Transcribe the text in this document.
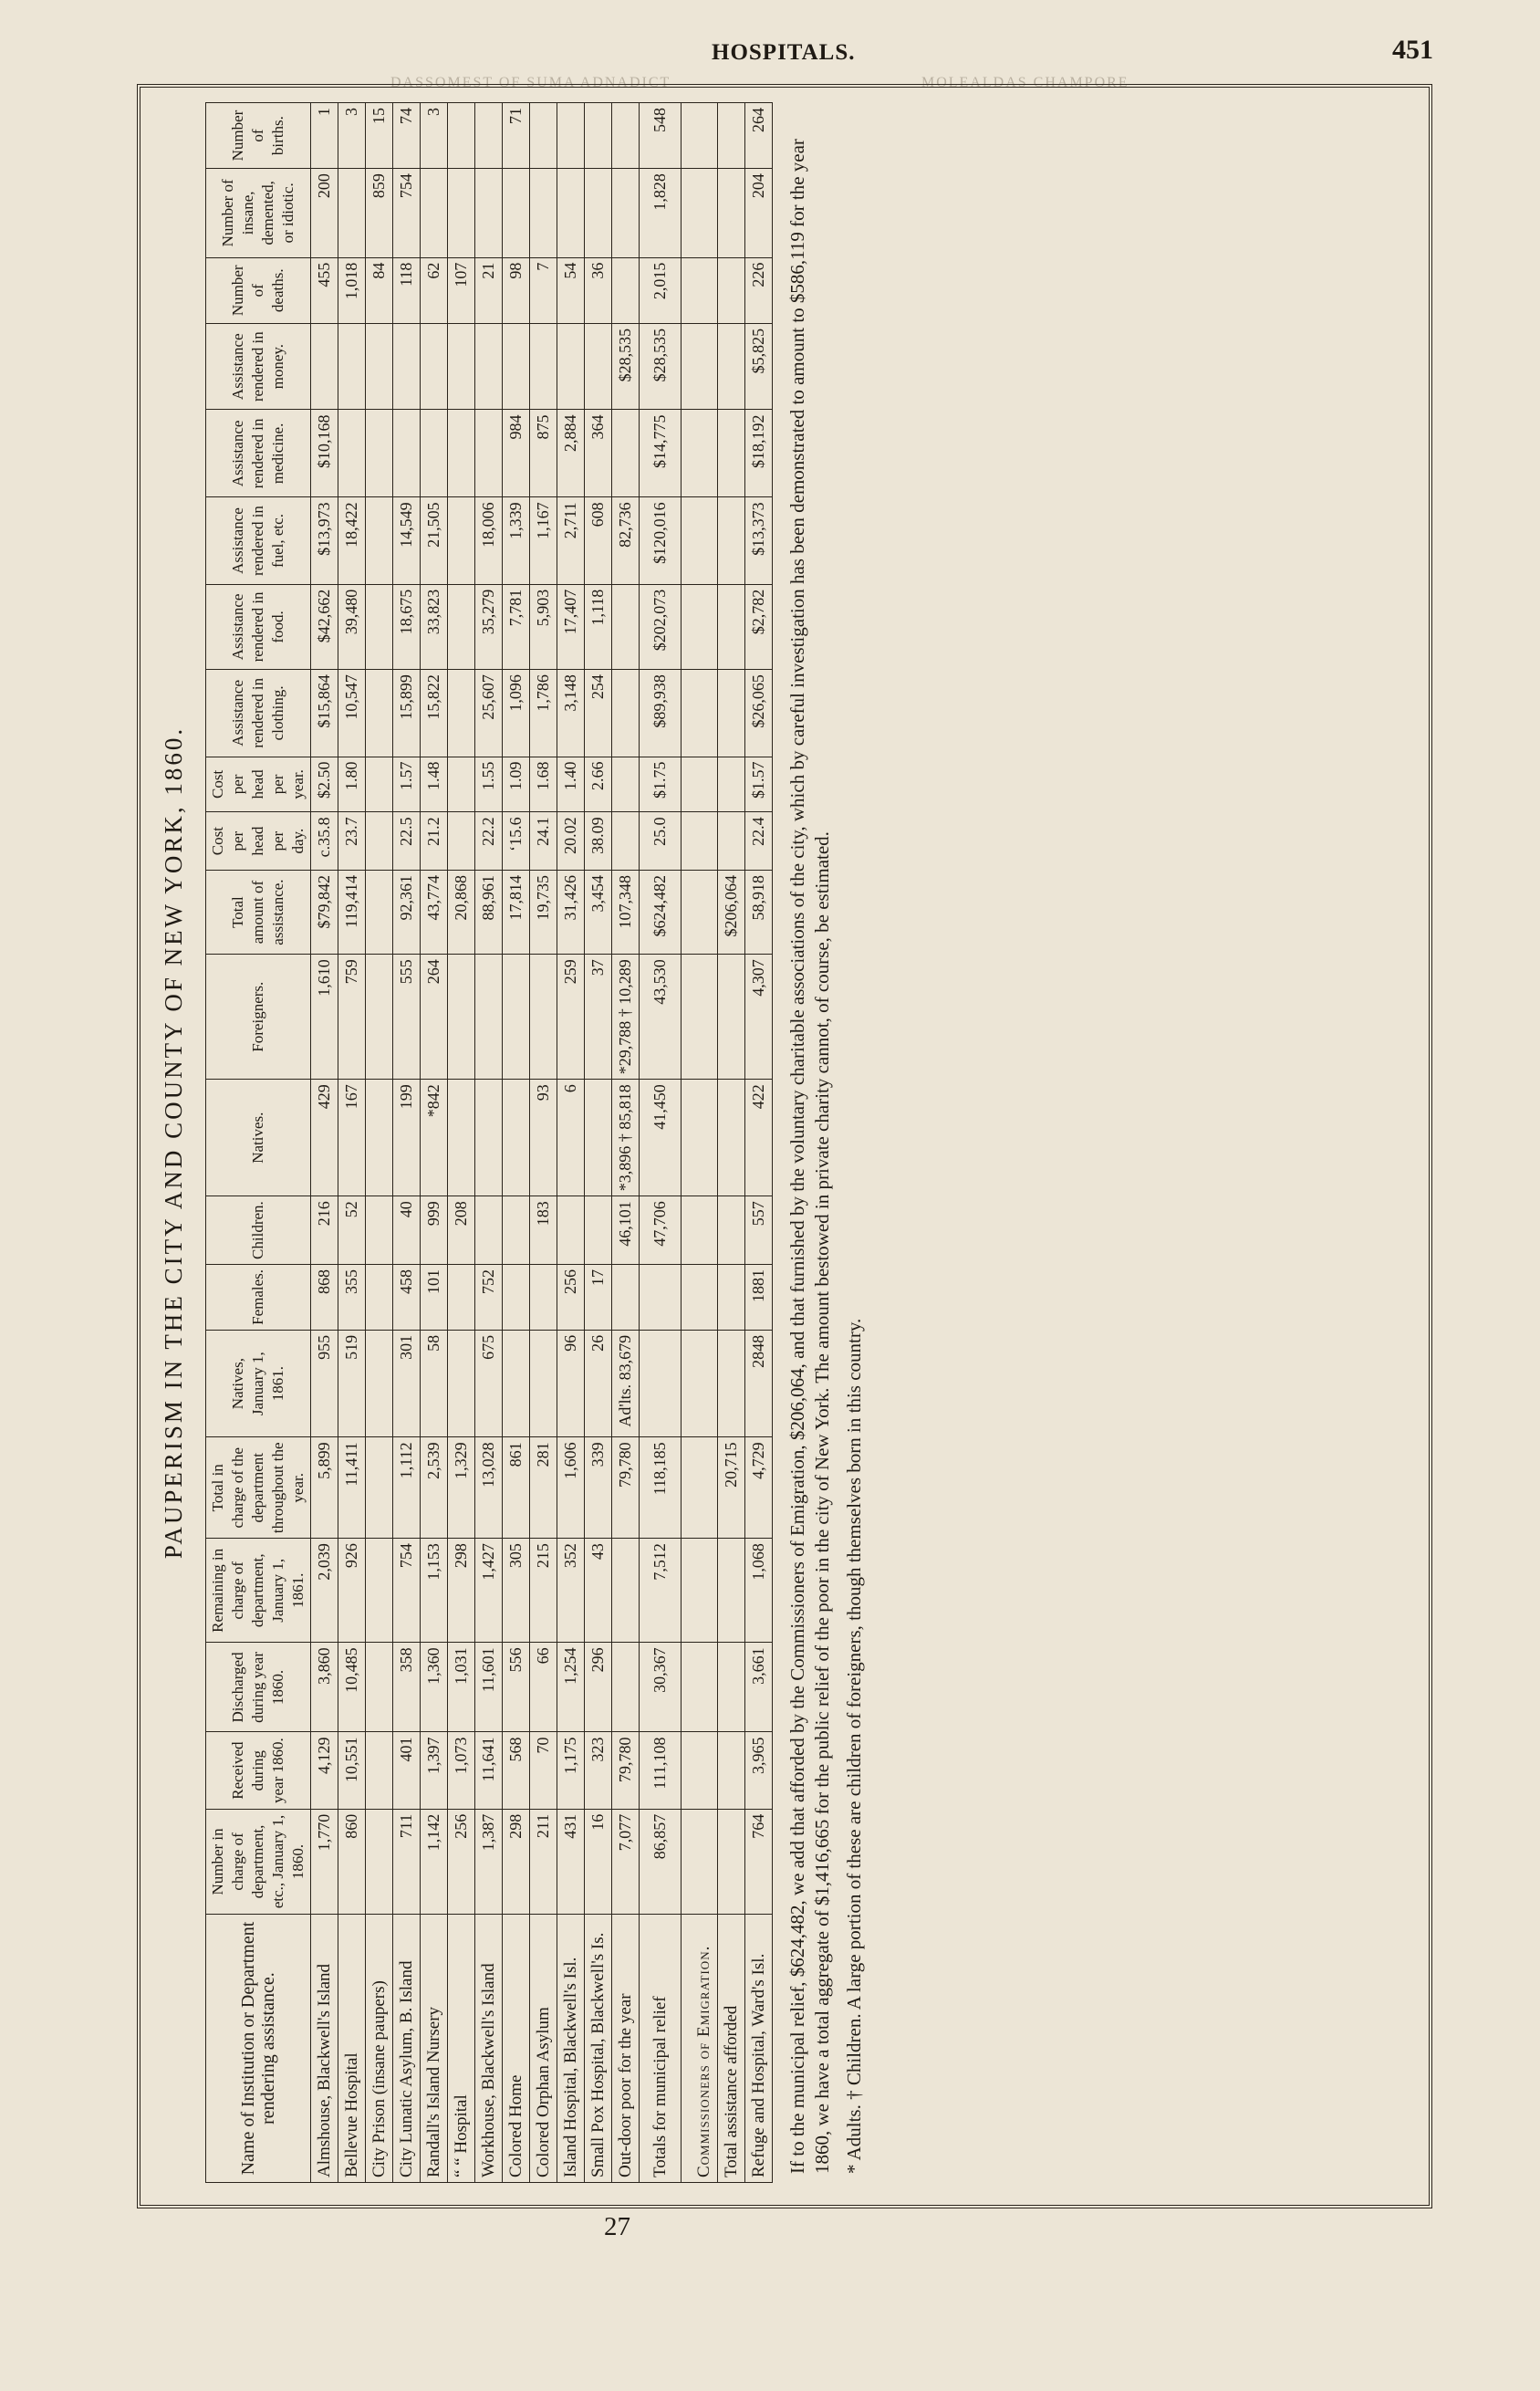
DASSOMEST OF SUMA ADNADICT
HOSPITALS.
MOLEALDAS CHAMPORE
451
PAUPERISM IN THE CITY AND COUNTY OF NEW YORK, 1860.
Name of Institution or Department rendering assistance.	Number in charge of department, etc., January 1, 1860.	Received during year 1860.	Discharged during year 1860.	Remaining in charge of department, January 1, 1861.	Total in charge of the department throughout the year.	Natives, January 1, 1861.	Females.	Children.	Natives.	Foreigners.	Total amount of assistance.	Cost per head per day.	Cost per head per year.	Assistance rendered in clothing.	Assistance rendered in food.	Assistance rendered in fuel, etc.	Assistance rendered in medicine.	Assistance rendered in money.	Number of deaths.	Number of insane, demented, or idiotic.	Number of births.
Almshouse, Blackwell's Island	1,770	4,129	3,860	2,039	5,899	955	868	216	429	1,610	$79,842	c.35.8	$2.50	$15,864	$42,662	$13,973	$10,168		455	200	1
Bellevue Hospital	860	10,551	10,485	926	11,411	519	355	52	167	759	119,414	23.7	1.80	10,547	39,480	18,422			1,018		3
City Prison (insane paupers)																			84	859	15
City Lunatic Asylum, B. Island	711	401	358	754	1,112	301	458	40	199	555	92,361	22.5	1.57	15,899	18,675	14,549			118	754	74
Randall's Island Nursery	1,142	1,397	1,360	1,153	2,539	58	101	999	*842	264	43,774	21.2	1.48	15,822	33,823	21,505			62		3
“ “ Hospital	256	1,073	1,031	298	1,329			208			20,868								107		
Workhouse, Blackwell's Island	1,387	11,641	11,601	1,427	13,028	675	752				88,961	22.2	1.55	25,607	35,279	18,006			21		
Colored Home	298	568	556	305	861						17,814	‘15.6	1.09	1,096	7,781	1,339	984		98		71
Colored Orphan Asylum	211	70	66	215	281			183	93		19,735	24.1	1.68	1,786	5,903	1,167	875		7		
Island Hospital, Blackwell's Isl.	431	1,175	1,254	352	1,606	96	256		6	259	31,426	20.02	1.40	3,148	17,407	2,711	2,884		54		
Small Pox Hospital, Blackwell's Is.	16	323	296	43	339	26	17			37	3,454	38.09	2.66	254	1,118	608	364		36		
Out-door poor for the year	7,077	79,780			79,780	Ad'lts. 83,679		46,101	*3,896 † 85,818	*29,788 † 10,289	107,348					82,736		$28,535			
Totals for municipal relief	86,857	111,108	30,367	7,512	118,185			47,706	41,450	43,530	$624,482	25.0	$1.75	$89,938	$202,073	$120,016	$14,775	$28,535	2,015	1,828	548
Commissioners of Emigration.																					
Total assistance afforded					20,715						$206,064										
Refuge and Hospital, Ward's Isl.	764	3,965	3,661	1,068	4,729	2848	1881	557	422	4,307	58,918	22.4	$1.57	$26,065	$2,782	$13,373	$18,192	$5,825	226	204	264
If to the municipal relief, $624,482, we add that afforded by the Commissioners of Emigration, $206,064, and that furnished by the voluntary charitable associations of the city, which by careful investigation has been demonstrated to amount to $586,119 for the year 1860, we have a total aggregate of $1,416,665 for the public relief of the poor in the city of New York. The amount bestowed in private charity cannot, of course, be estimated. * Adults. † Children. A large portion of these are children of foreigners, though themselves born in this country.
27
